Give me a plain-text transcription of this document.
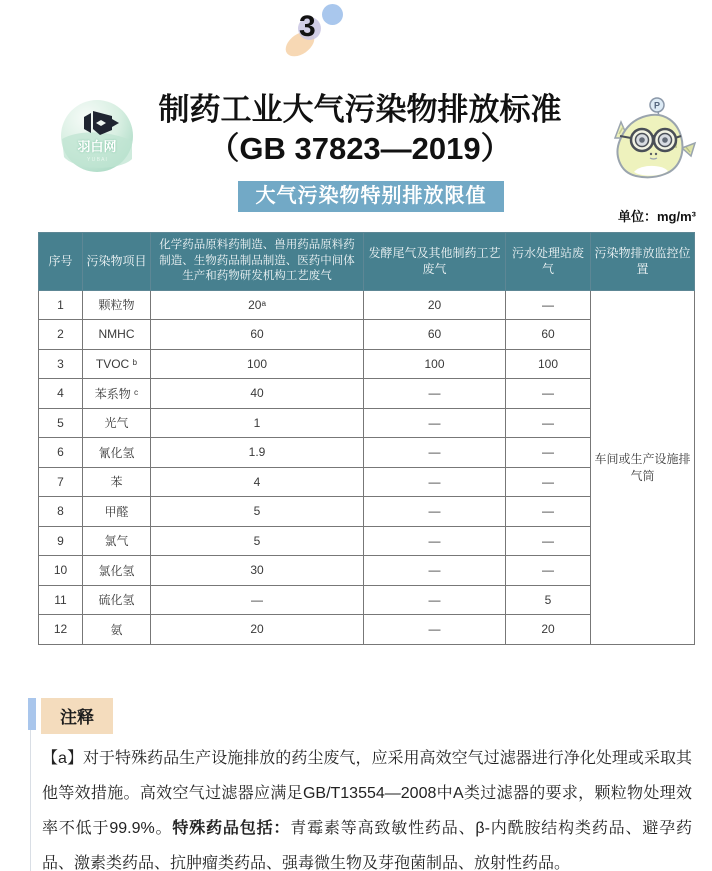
3
羽白网
Y U B A I
制药工业大气污染物排放标准
（GB 37823—2019）
P
大气污染物特别排放限值
单位：mg/m³
序号	污染物项目	化学药品原料药制造、兽用药品原料药制造、生物药品制品制造、医药中间体生产和药物研发机构工艺废气	发酵尾气及其他制药工艺废气	污水处理站废气	污染物排放监控位置
1	颗粒物	20ᵃ	20	—	车间或生产设施排气筒
2	NMHC	60	60	60	
3	TVOC ᵇ	100	100	100	
4	苯系物 ᶜ	40	—	—	
5	光气	1	—	—	
6	氰化氢	1.9	—	—	
7	苯	4	—	—	
8	甲醛	5	—	—	
9	氯气	5	—	—	
10	氯化氢	30	—	—	
11	硫化氢	—	—	5	
12	氨	20	—	20	
注释

【a】对于特殊药品生产设施排放的药尘废气，应采用高效空气过滤器进行净化处理或采取其他等效措施。高效空气过滤器应满足GB/T13554—2008中A类过滤器的要求，颗粒物处理效率不低于99.9%。特殊药品包括：青霉素等高致敏性药品、β-内酰胺结构类药品、避孕药品、激素类药品、抗肿瘤类药品、强毒微生物及芽孢菌制品、放射性药品。
